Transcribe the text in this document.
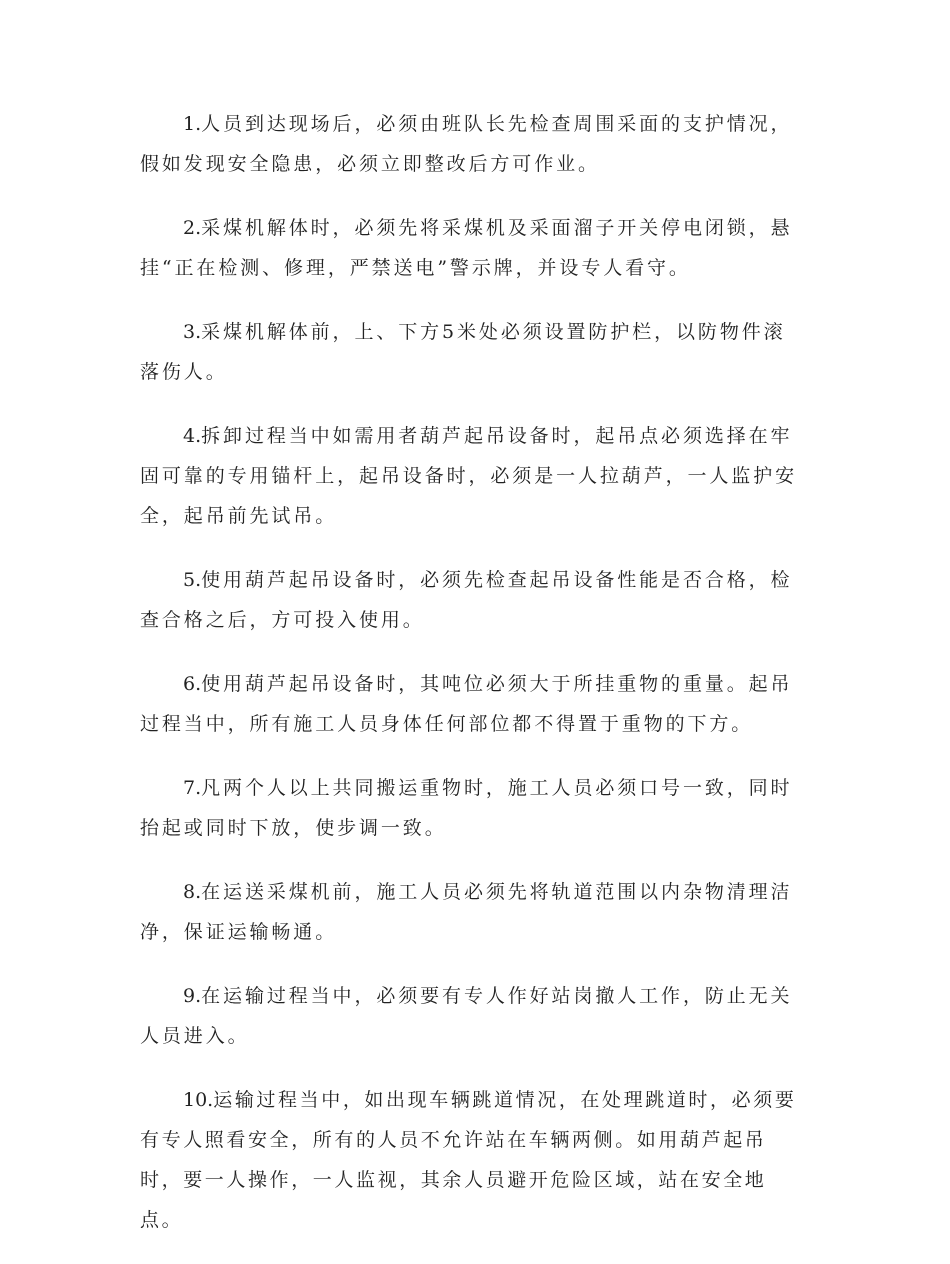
1.人员到达现场后，必须由班队长先检查周围采面的支护情况，假如发现安全隐患，必须立即整改后方可作业。

2.采煤机解体时，必须先将采煤机及采面溜子开关停电闭锁，悬挂“正在检测、修理，严禁送电”警示牌，并设专人看守。

3.采煤机解体前，上、下方5米处必须设置防护栏，以防物件滚落伤人。

4.拆卸过程当中如需用者葫芦起吊设备时，起吊点必须选择在牢固可靠的专用锚杆上，起吊设备时，必须是一人拉葫芦，一人监护安全，起吊前先试吊。

5.使用葫芦起吊设备时，必须先检查起吊设备性能是否合格，检查合格之后，方可投入使用。

6.使用葫芦起吊设备时，其吨位必须大于所挂重物的重量。起吊过程当中，所有施工人员身体任何部位都不得置于重物的下方。

7.凡两个人以上共同搬运重物时，施工人员必须口号一致，同时抬起或同时下放，使步调一致。

8.在运送采煤机前，施工人员必须先将轨道范围以内杂物清理洁净，保证运输畅通。

9.在运输过程当中，必须要有专人作好站岗撤人工作，防止无关人员进入。

10.运输过程当中，如出现车辆跳道情况，在处理跳道时，必须要有专人照看安全，所有的人员不允许站在车辆两侧。如用葫芦起吊时，要一人操作，一人监视，其余人员避开危险区域，站在安全地点。
